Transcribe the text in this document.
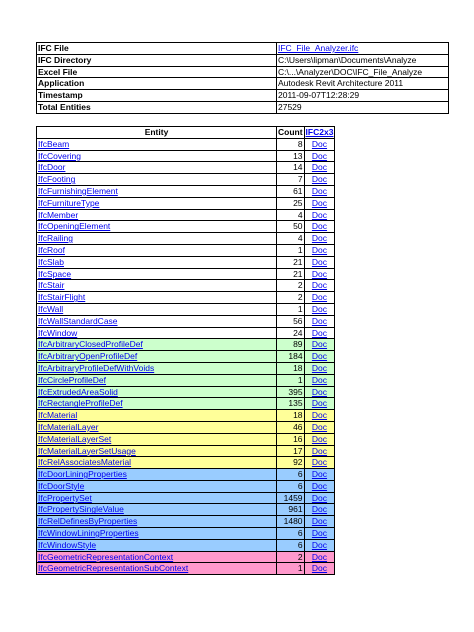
IFC File	IFC_File_Analyzer.ifc
IFC Directory	C:\Users\lipman\Documents\Analyze
Excel File	C:\...\Analyzer\DOC\IFC_File_Analyze
Application	Autodesk Revit Architecture 2011
Timestamp	2011-09-07T12:28:29
Total Entities	27529
Entity	Count	IFC2x3
IfcBeam	8	Doc
IfcCovering	13	Doc
IfcDoor	14	Doc
IfcFooting	7	Doc
IfcFurnishingElement	61	Doc
IfcFurnitureType	25	Doc
IfcMember	4	Doc
IfcOpeningElement	50	Doc
IfcRailing	4	Doc
IfcRoof	1	Doc
IfcSlab	21	Doc
IfcSpace	21	Doc
IfcStair	2	Doc
IfcStairFlight	2	Doc
IfcWall	1	Doc
IfcWallStandardCase	56	Doc
IfcWindow	24	Doc
IfcArbitraryClosedProfileDef	89	Doc
IfcArbitraryOpenProfileDef	184	Doc
IfcArbitraryProfileDefWithVoids	18	Doc
IfcCircleProfileDef	1	Doc
IfcExtrudedAreaSolid	395	Doc
IfcRectangleProfileDef	135	Doc
IfcMaterial	18	Doc
IfcMaterialLayer	46	Doc
IfcMaterialLayerSet	16	Doc
IfcMaterialLayerSetUsage	17	Doc
IfcRelAssociatesMaterial	92	Doc
IfcDoorLiningProperties	6	Doc
IfcDoorStyle	6	Doc
IfcPropertySet	1459	Doc
IfcPropertySingleValue	961	Doc
IfcRelDefinesByProperties	1480	Doc
IfcWindowLiningProperties	6	Doc
IfcWindowStyle	6	Doc
IfcGeometricRepresentationContext	2	Doc
IfcGeometricRepresentationSubContext	1	Doc
